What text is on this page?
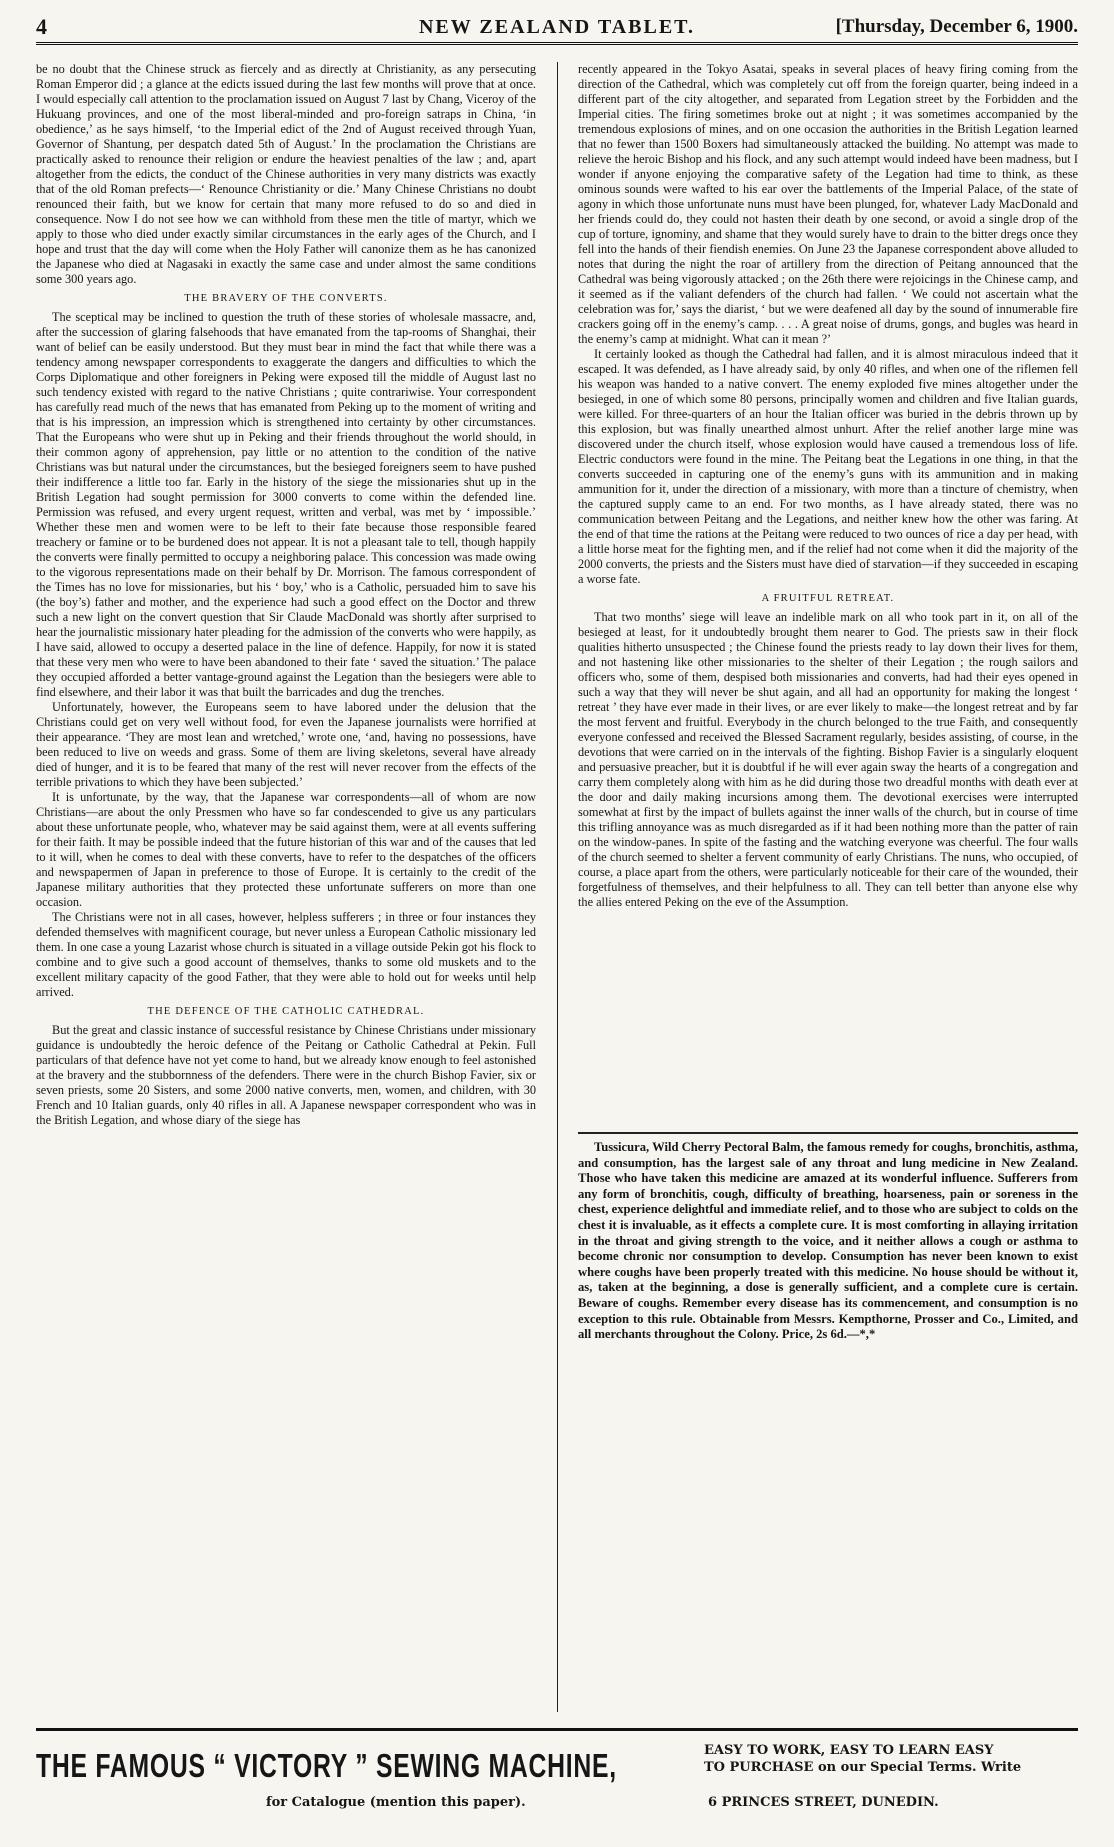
4	NEW ZEALAND TABLET.	[Thursday, December 6, 1900.

be no doubt that the Chinese struck as fiercely and as directly at Christianity, as any persecuting Roman Emperor did ; a glance at the edicts issued during the last few months will prove that at once. I would especially call attention to the proclamation issued on August 7 last by Chang, Viceroy of the Hukuang provinces, and one of the most liberal-minded and pro-foreign satraps in China, ‘in obedience,’ as he says himself, ‘to the Imperial edict of the 2nd of August received through Yuan, Governor of Shantung, per despatch dated 5th of August.’ In the proclamation the Christians are practically asked to renounce their religion or endure the heaviest penalties of the law ; and, apart altogether from the edicts, the conduct of the Chinese authorities in very many districts was exactly that of the old Roman prefects—‘ Renounce Christianity or die.’ Many Chinese Christians no doubt renounced their faith, but we know for certain that many more refused to do so and died in consequence. Now I do not see how we can withhold from these men the title of martyr, which we apply to those who died under exactly similar circumstances in the early ages of the Church, and I hope and trust that the day will come when the Holy Father will canonize them as he has canonized the Japanese who died at Nagasaki in exactly the same case and under almost the same conditions some 300 years ago.

THE BRAVERY OF THE CONVERTS.

The sceptical may be inclined to question the truth of these stories of wholesale massacre, and, after the succession of glaring falsehoods that have emanated from the tap-rooms of Shanghai, their want of belief can be easily understood. But they must bear in mind the fact that while there was a tendency among newspaper correspondents to exaggerate the dangers and difficulties to which the Corps Diplomatique and other foreigners in Peking were exposed till the middle of August last no such tendency existed with regard to the native Christians ; quite contrariwise. Your correspondent has carefully read much of the news that has emanated from Peking up to the moment of writing and that is his impression, an impression which is strengthened into certainty by other circumstances. That the Europeans who were shut up in Peking and their friends throughout the world should, in their common agony of apprehension, pay little or no attention to the condition of the native Christians was but natural under the circumstances, but the besieged foreigners seem to have pushed their indifference a little too far. Early in the history of the siege the missionaries shut up in the British Legation had sought permission for 3000 converts to come within the defended line. Permission was refused, and every urgent request, written and verbal, was met by ‘ impossible.’ Whether these men and women were to be left to their fate because those responsible feared treachery or famine or to be burdened does not appear. It is not a pleasant tale to tell, though happily the converts were finally permitted to occupy a neighboring palace. This concession was made owing to the vigorous representations made on their behalf by Dr. Morrison. The famous correspondent of the Times has no love for missionaries, but his ‘ boy,’ who is a Catholic, persuaded him to save his (the boy’s) father and mother, and the experience had such a good effect on the Doctor and threw such a new light on the convert question that Sir Claude MacDonald was shortly after surprised to hear the journalistic missionary hater pleading for the admission of the converts who were happily, as I have said, allowed to occupy a deserted palace in the line of defence. Happily, for now it is stated that these very men who were to have been abandoned to their fate ‘ saved the situation.’ The palace they occupied afforded a better vantage-ground against the Legation than the besiegers were able to find elsewhere, and their labor it was that built the barricades and dug the trenches.

Unfortunately, however, the Europeans seem to have labored under the delusion that the Christians could get on very well without food, for even the Japanese journalists were horrified at their appearance. ‘They are most lean and wretched,’ wrote one, ‘and, having no possessions, have been reduced to live on weeds and grass. Some of them are living skeletons, several have already died of hunger, and it is to be feared that many of the rest will never recover from the effects of the terrible privations to which they have been subjected.’

It is unfortunate, by the way, that the Japanese war correspondents—all of whom are now Christians—are about the only Pressmen who have so far condescended to give us any particulars about these unfortunate people, who, whatever may be said against them, were at all events suffering for their faith. It may be possible indeed that the future historian of this war and of the causes that led to it will, when he comes to deal with these converts, have to refer to the despatches of the officers and newspapermen of Japan in preference to those of Europe. It is certainly to the credit of the Japanese military authorities that they protected these unfortunate sufferers on more than one occasion.

The Christians were not in all cases, however, helpless sufferers ; in three or four instances they defended themselves with magnificent courage, but never unless a European Catholic missionary led them. In one case a young Lazarist whose church is situated in a village outside Pekin got his flock to combine and to give such a good account of themselves, thanks to some old muskets and to the excellent military capacity of the good Father, that they were able to hold out for weeks until help arrived.

THE DEFENCE OF THE CATHOLIC CATHEDRAL.

But the great and classic instance of successful resistance by Chinese Christians under missionary guidance is undoubtedly the heroic defence of the Peitang or Catholic Cathedral at Pekin. Full particulars of that defence have not yet come to hand, but we already know enough to feel astonished at the bravery and the stubbornness of the defenders. There were in the church Bishop Favier, six or seven priests, some 20 Sisters, and some 2000 native converts, men, women, and children, with 30 French and 10 Italian guards, only 40 rifles in all. A Japanese newspaper correspondent who was in the British Legation, and whose diary of the siege has

recently appeared in the Tokyo Asatai, speaks in several places of heavy firing coming from the direction of the Cathedral, which was completely cut off from the foreign quarter, being indeed in a different part of the city altogether, and separated from Legation street by the Forbidden and the Imperial cities. The firing sometimes broke out at night ; it was sometimes accompanied by the tremendous explosions of mines, and on one occasion the authorities in the British Legation learned that no fewer than 1500 Boxers had simultaneously attacked the building. No attempt was made to relieve the heroic Bishop and his flock, and any such attempt would indeed have been madness, but I wonder if anyone enjoying the comparative safety of the Legation had time to think, as these ominous sounds were wafted to his ear over the battlements of the Imperial Palace, of the state of agony in which those unfortunate nuns must have been plunged, for, whatever Lady MacDonald and her friends could do, they could not hasten their death by one second, or avoid a single drop of the cup of torture, ignominy, and shame that they would surely have to drain to the bitter dregs once they fell into the hands of their fiendish enemies. On June 23 the Japanese correspondent above alluded to notes that during the night the roar of artillery from the direction of Peitang announced that the Cathedral was being vigorously attacked ; on the 26th there were rejoicings in the Chinese camp, and it seemed as if the valiant defenders of the church had fallen. ‘ We could not ascertain what the celebration was for,’ says the diarist, ‘ but we were deafened all day by the sound of innumerable fire crackers going off in the enemy’s camp. . . . A great noise of drums, gongs, and bugles was heard in the enemy’s camp at midnight. What can it mean ?’

It certainly looked as though the Cathedral had fallen, and it is almost miraculous indeed that it escaped. It was defended, as I have already said, by only 40 rifles, and when one of the riflemen fell his weapon was handed to a native convert. The enemy exploded five mines altogether under the besieged, in one of which some 80 persons, principally women and children and five Italian guards, were killed. For three-quarters of an hour the Italian officer was buried in the debris thrown up by this explosion, but was finally unearthed almost unhurt. After the relief another large mine was discovered under the church itself, whose explosion would have caused a tremendous loss of life. Electric conductors were found in the mine. The Peitang beat the Legations in one thing, in that the converts succeeded in capturing one of the enemy’s guns with its ammunition and in making ammunition for it, under the direction of a missionary, with more than a tincture of chemistry, when the captured supply came to an end. For two months, as I have already stated, there was no communication between Peitang and the Legations, and neither knew how the other was faring. At the end of that time the rations at the Peitang were reduced to two ounces of rice a day per head, with a little horse meat for the fighting men, and if the relief had not come when it did the majority of the 2000 converts, the priests and the Sisters must have died of starvation—if they succeeded in escaping a worse fate.

A FRUITFUL RETREAT.

That two months’ siege will leave an indelible mark on all who took part in it, on all of the besieged at least, for it undoubtedly brought them nearer to God. The priests saw in their flock qualities hitherto unsuspected ; the Chinese found the priests ready to lay down their lives for them, and not hastening like other missionaries to the shelter of their Legation ; the rough sailors and officers who, some of them, despised both missionaries and converts, had had their eyes opened in such a way that they will never be shut again, and all had an opportunity for making the longest ‘ retreat ’ they have ever made in their lives, or are ever likely to make—the longest retreat and by far the most fervent and fruitful. Everybody in the church belonged to the true Faith, and consequently everyone confessed and received the Blessed Sacrament regularly, besides assisting, of course, in the devotions that were carried on in the intervals of the fighting. Bishop Favier is a singularly eloquent and persuasive preacher, but it is doubtful if he will ever again sway the hearts of a congregation and carry them completely along with him as he did during those two dreadful months with death ever at the door and daily making incursions among them. The devotional exercises were interrupted somewhat at first by the impact of bullets against the inner walls of the church, but in course of time this trifling annoyance was as much disregarded as if it had been nothing more than the patter of rain on the window-panes. In spite of the fasting and the watching everyone was cheerful. The four walls of the church seemed to shelter a fervent community of early Christians. The nuns, who occupied, of course, a place apart from the others, were particularly noticeable for their care of the wounded, their forgetfulness of themselves, and their helpfulness to all. They can tell better than anyone else why the allies entered Peking on the eve of the Assumption.

Tussicura, Wild Cherry Pectoral Balm, the famous remedy for coughs, bronchitis, asthma, and consumption, has the largest sale of any throat and lung medicine in New Zealand. Those who have taken this medicine are amazed at its wonderful influence. Sufferers from any form of bronchitis, cough, difficulty of breathing, hoarseness, pain or soreness in the chest, experience delightful and immediate relief, and to those who are subject to colds on the chest it is invaluable, as it effects a complete cure. It is most comforting in allaying irritation in the throat and giving strength to the voice, and it neither allows a cough or asthma to become chronic nor consumption to develop. Consumption has never been known to exist where coughs have been properly treated with this medicine. No house should be without it, as, taken at the beginning, a dose is generally sufficient, and a complete cure is certain. Beware of coughs. Remember every disease has its commencement, and consumption is no exception to this rule. Obtainable from Messrs. Kempthorne, Prosser and Co., Limited, and all merchants throughout the Colony. Price, 2s 6d.—*,*

THE FAMOUS “ VICTORY ” SEWING MACHINE,
for Catalogue (mention this paper).
EASY TO WORK, EASY TO LEARN EASY
TO PURCHASE on our Special Terms. Write
6 PRINCES STREET, DUNEDIN.
